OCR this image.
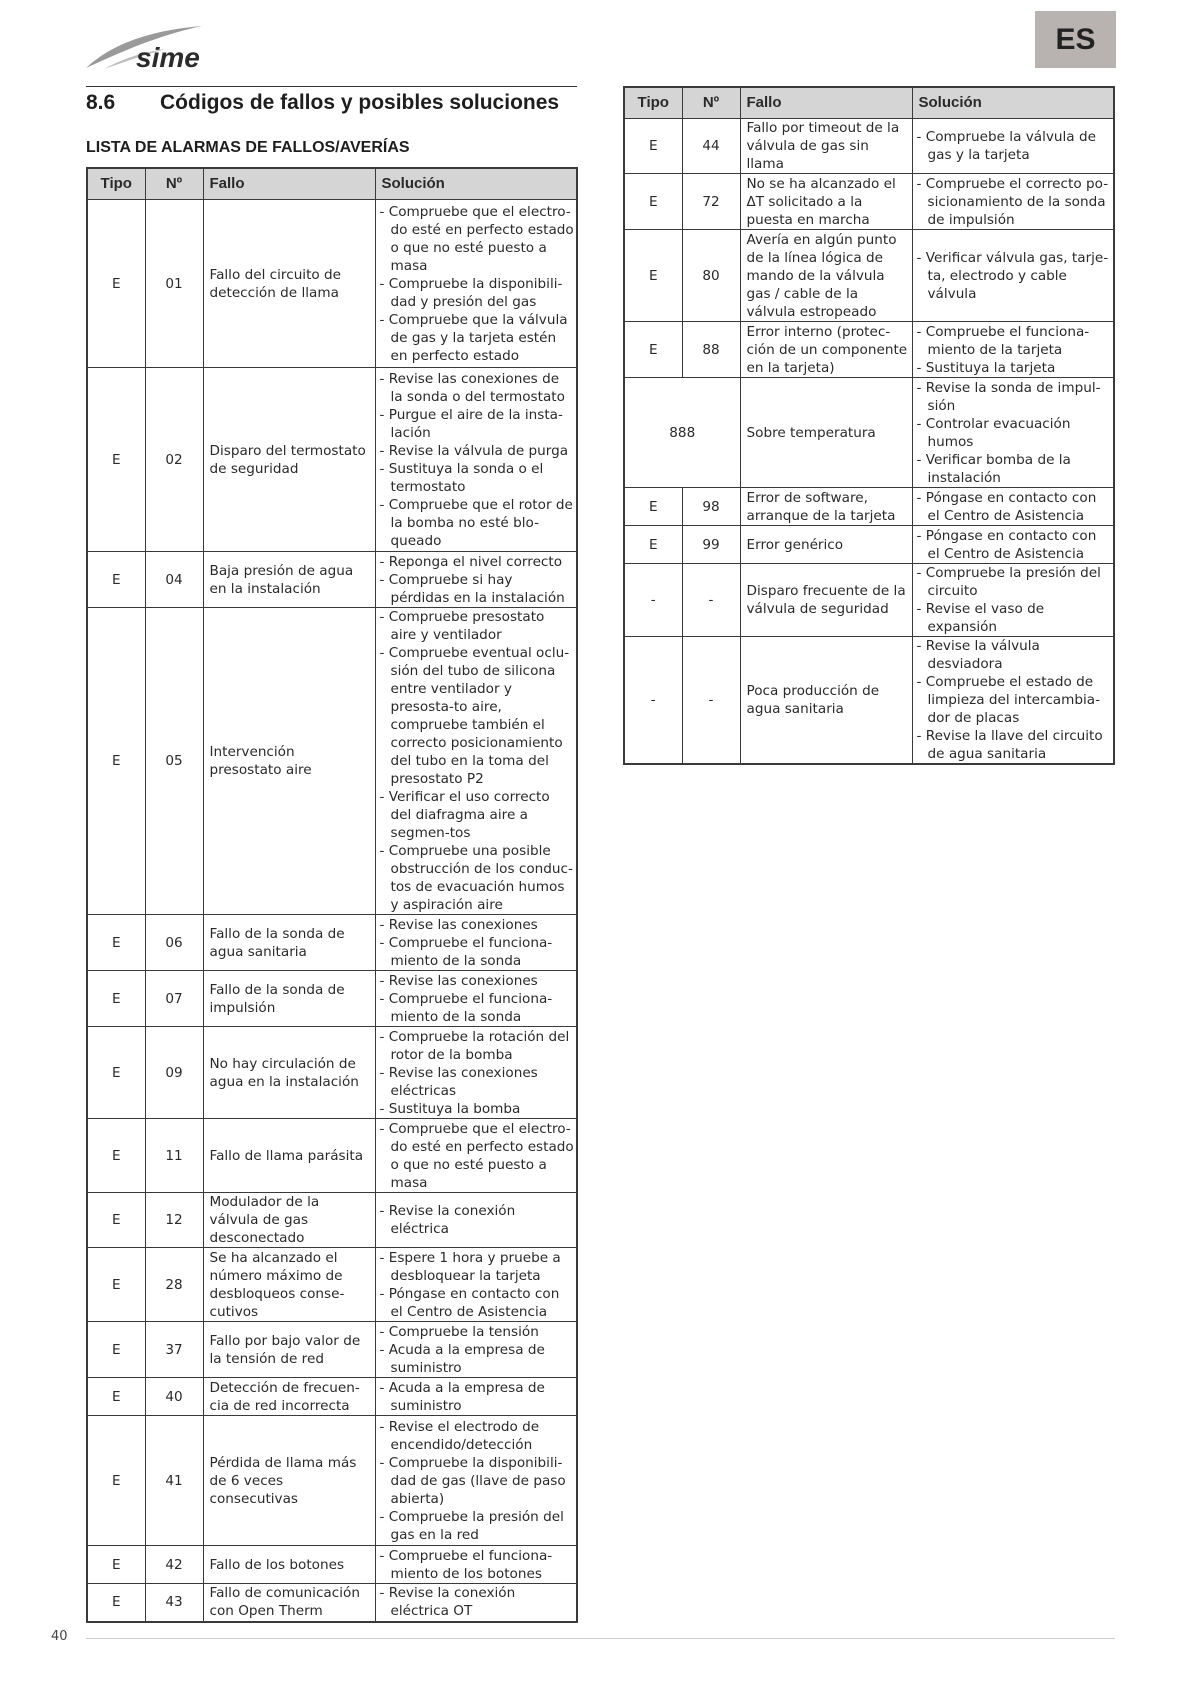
sime
ES
8.6 Códigos de fallos y posibles soluciones
LISTA DE ALARMAS DE FALLOS/AVERÍAS
Tipo	Nº	Fallo	Solución
E	01	Fallo del circuito de detección de llama	- Compruebe que el electro-do esté en perfecto estado o que no esté puesto a masa
- Compruebe la disponibili-dad y presión del gas
- Compruebe que la válvula de gas y la tarjeta estén en perfecto estado

E	02	Disparo del termostato de seguridad	- Revise las conexiones de la sonda o del termostato
- Purgue el aire de la insta-lación
- Revise la válvula de purga
- Sustituya la sonda o el termostato
- Compruebe que el rotor de la bomba no esté blo-queado

E	04	Baja presión de agua en la instalación	- Reponga el nivel correcto
- Compruebe si hay pérdidas en la instalación

E	05	Intervención presostato aire	- Compruebe presostato aire y ventilador
- Compruebe eventual oclu-sión del tubo de silicona entre ventilador y presosta-to aire, compruebe también el correcto posicionamiento del tubo en la toma del presostato P2
- Verificar el uso correcto del diafragma aire a segmen-tos
- Compruebe una posible obstrucción de los conduc-tos de evacuación humos y aspiración aire

E	06	Fallo de la sonda de agua sanitaria	- Revise las conexiones
- Compruebe el funciona-miento de la sonda

E	07	Fallo de la sonda de impulsión	- Revise las conexiones
- Compruebe el funciona-miento de la sonda

E	09	No hay circulación de agua en la instalación	- Compruebe la rotación del rotor de la bomba
- Revise las conexiones eléctricas
- Sustituya la bomba

E	11	Fallo de llama parásita	- Compruebe que el electro-do esté en perfecto estado o que no esté puesto a masa

E	12	Modulador de la válvula de gas desconectado	- Revise la conexión eléctrica

E	28	Se ha alcanzado el número máximo de desbloqueos conse-cutivos	- Espere 1 hora y pruebe a desbloquear la tarjeta
- Póngase en contacto con el Centro de Asistencia

E	37	Fallo por bajo valor de la tensión de red	- Compruebe la tensión
- Acuda a la empresa de suministro

E	40	Detección de frecuen-cia de red incorrecta	- Acuda a la empresa de suministro

E	41	Pérdida de llama más de 6 veces consecutivas	- Revise el electrodo de encendido/detección
- Compruebe la disponibili-dad de gas (llave de paso abierta)
- Compruebe la presión del gas en la red

E	42	Fallo de los botones	- Compruebe el funciona-miento de los botones

E	43	Fallo de comunicación con Open Therm	- Revise la conexión eléctrica OT
Tipo	Nº	Fallo	Solución
E	44	Fallo por timeout de la válvula de gas sin llama	- Compruebe la válvula de gas y la tarjeta

E	72	No se ha alcanzado el ΔT solicitado a la puesta en marcha	- Compruebe el correcto po-sicionamiento de la sonda de impulsión

E	80	Avería en algún punto de la línea lógica de mando de la válvula gas / cable de la válvula estropeado	- Verificar válvula gas, tarje-ta, electrodo y cable válvula

E	88	Error interno (protec-ción de un componente en la tarjeta)	- Compruebe el funciona-miento de la tarjeta
- Sustituya la tarjeta

888		Sobre temperatura	- Revise la sonda de impul-sión
- Controlar evacuación humos
- Verificar bomba de la instalación

E	98	Error de software, arranque de la tarjeta	- Póngase en contacto con el Centro de Asistencia

E	99	Error genérico	- Póngase en contacto con el Centro de Asistencia

-	-	Disparo frecuente de la válvula de seguridad	- Compruebe la presión del circuito
- Revise el vaso de expansión

-	-	Poca producción de agua sanitaria	- Revise la válvula desviadora
- Compruebe el estado de limpieza del intercambia-dor de placas
- Revise la llave del circuito de agua sanitaria
40
